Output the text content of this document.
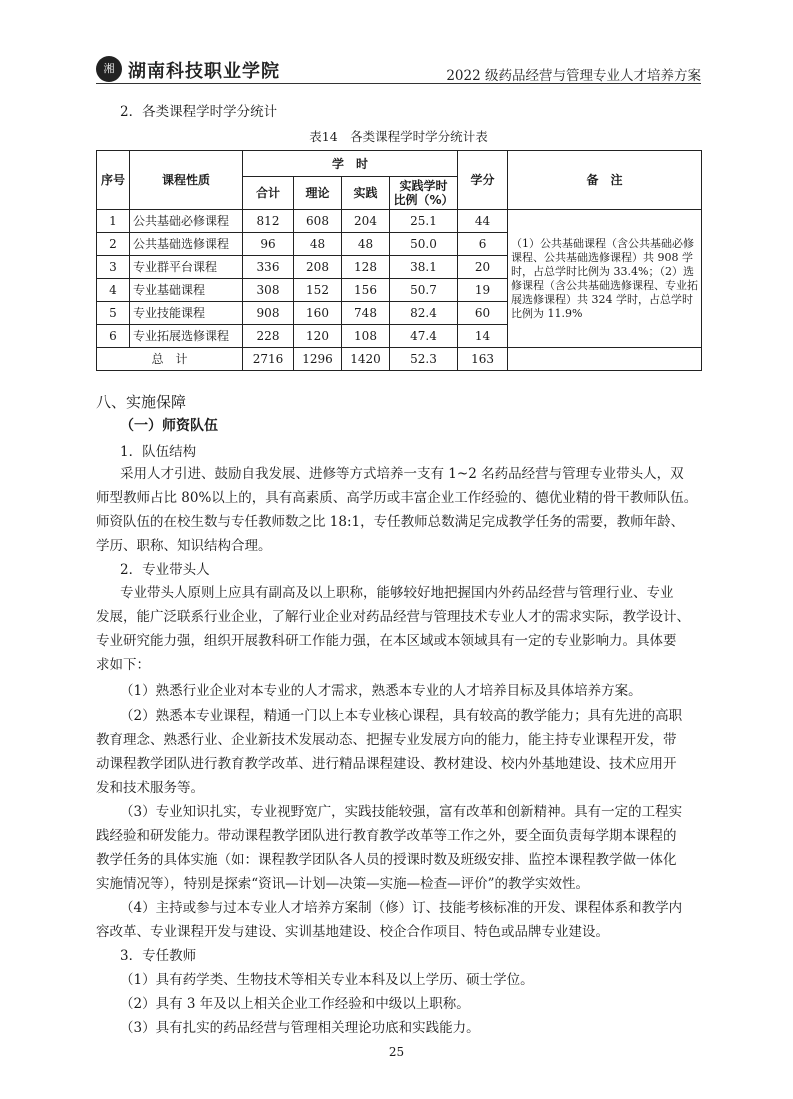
湘 湖南科技职业学院	2022 级药品经营与管理专业人才培养方案
2．各类课程学时学分统计
表14　各类课程学时学分统计表
序号	课程性质	学　时				学分	备　注
		合计	理论	实践	实践学时
比例（%）		
1	公共基础必修课程	812	608	204	25.1	44	（1）公共基础课程（含公共基础必修课程、公共基础选修课程）共 908 学时，占总学时比例为 33.4%；（2）选修课程（含公共基础选修课程、专业拓展选修课程）共 324 学时，占总学时比例为 11.9%
2	公共基础选修课程	96	48	48	50.0	6	
3	专业群平台课程	336	208	128	38.1	20	
4	专业基础课程	308	152	156	50.7	19	
5	专业技能课程	908	160	748	82.4	60	
6	专业拓展选修课程	228	120	108	47.4	14	
总　计		2716	1296	1420	52.3	163	
八、实施保障
（一）师资队伍
1．队伍结构
采用人才引进、鼓励自我发展、进修等方式培养一支有 1~2 名药品经营与管理专业带头人，双
师型教师占比 80%以上的，具有高素质、高学历或丰富企业工作经验的、德优业精的骨干教师队伍。
师资队伍的在校生数与专任教师数之比 18:1，专任教师总数满足完成教学任务的需要，教师年龄、
学历、职称、知识结构合理。
2．专业带头人
专业带头人原则上应具有副高及以上职称，能够较好地把握国内外药品经营与管理行业、专业
发展，能广泛联系行业企业，了解行业企业对药品经营与管理技术专业人才的需求实际，教学设计、
专业研究能力强，组织开展教科研工作能力强，在本区域或本领域具有一定的专业影响力。具体要
求如下：
（1）熟悉行业企业对本专业的人才需求，熟悉本专业的人才培养目标及具体培养方案。
（2）熟悉本专业课程，精通一门以上本专业核心课程，具有较高的教学能力；具有先进的高职
教育理念、熟悉行业、企业新技术发展动态、把握专业发展方向的能力，能主持专业课程开发，带
动课程教学团队进行教育教学改革、进行精品课程建设、教材建设、校内外基地建设、技术应用开
发和技术服务等。
（3）专业知识扎实，专业视野宽广，实践技能较强，富有改革和创新精神。具有一定的工程实
践经验和研发能力。带动课程教学团队进行教育教学改革等工作之外，要全面负责每学期本课程的
教学任务的具体实施（如：课程教学团队各人员的授课时数及班级安排、监控本课程教学做一体化
实施情况等），特别是探索“资讯—计划—决策—实施—检查—评价”的教学实效性。
（4）主持或参与过本专业人才培养方案制（修）订、技能考核标准的开发、课程体系和教学内
容改革、专业课程开发与建设、实训基地建设、校企合作项目、特色或品牌专业建设。
3．专任教师
（1）具有药学类、生物技术等相关专业本科及以上学历、硕士学位。
（2）具有 3 年及以上相关企业工作经验和中级以上职称。
（3）具有扎实的药品经营与管理相关理论功底和实践能力。
25
